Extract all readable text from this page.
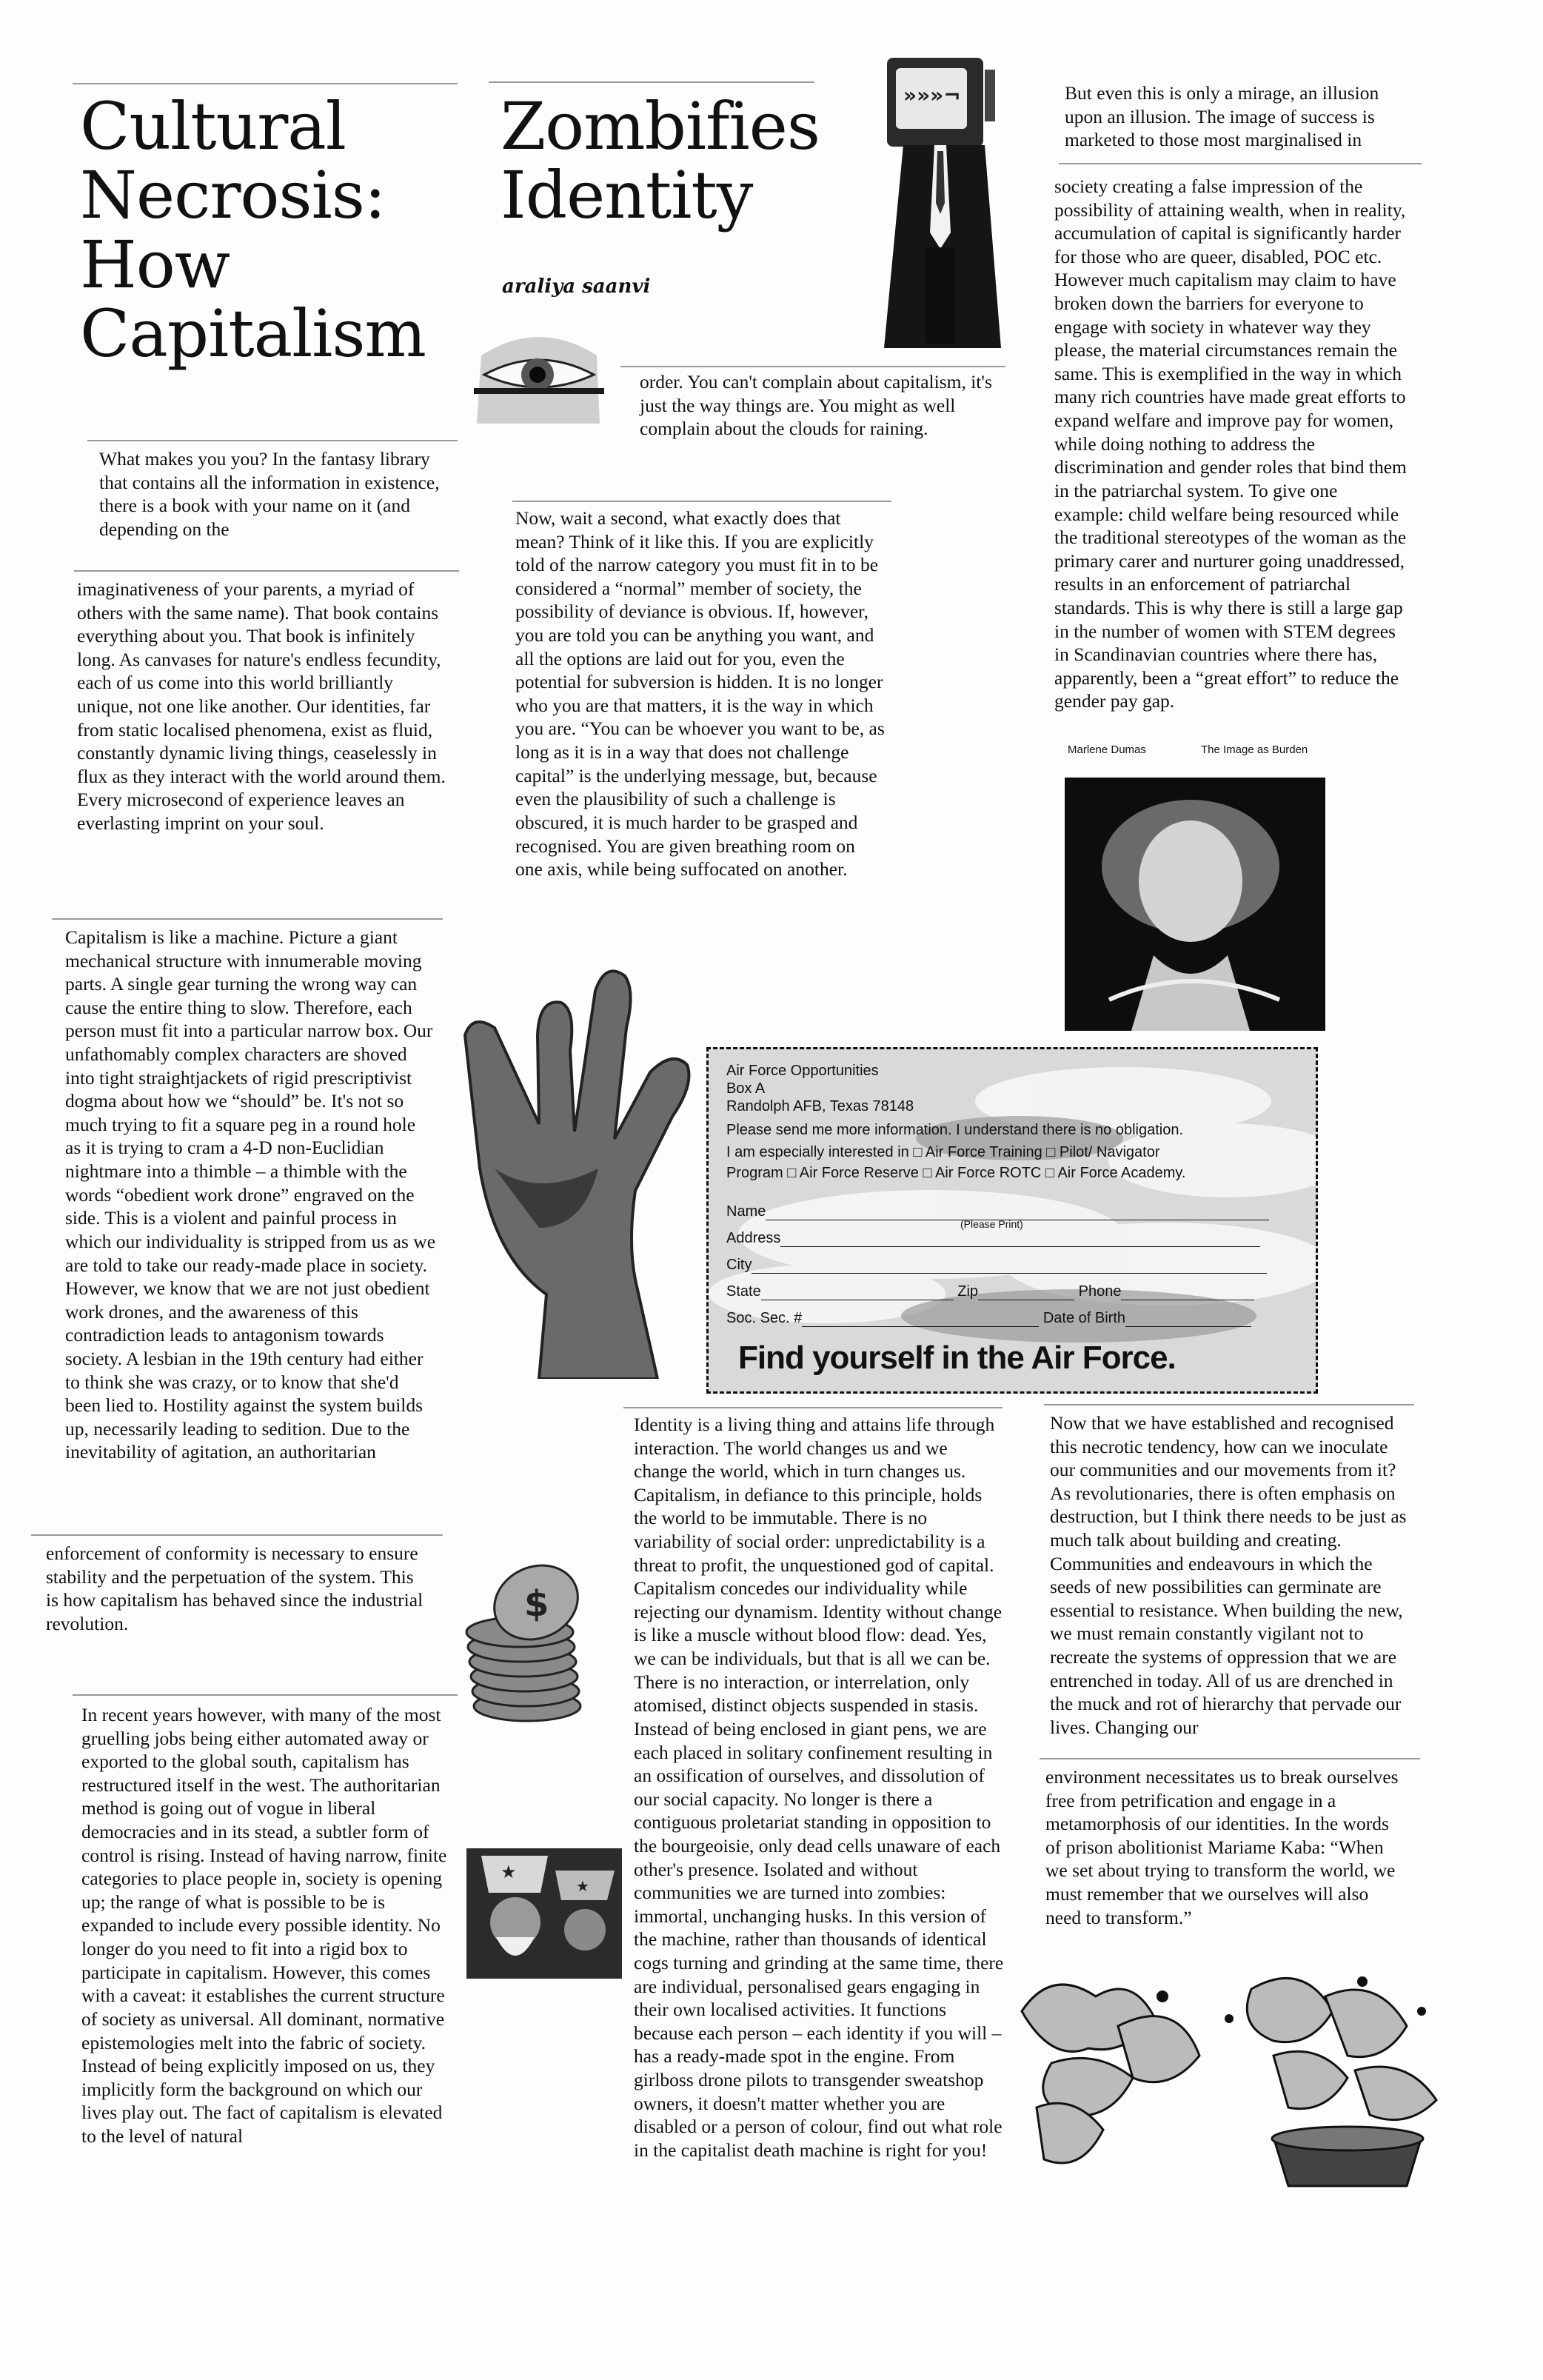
Cultural
Necrosis:
How
Capitalism
Zombifies
Identity
araliya saanvi

What makes you you? In the fantasy library that contains all the information in existence, there is a book with your name on it (and depending on the

imaginativeness of your parents, a myriad of others with the same name). That book contains everything about you. That book is infinitely long. As canvases for nature's endless fecundity, each of us come into this world brilliantly unique, not one like another. Our identities, far from static localised phenomena, exist as fluid, constantly dynamic living things, ceaselessly in flux as they interact with the world around them. Every microsecond of experience leaves an everlasting imprint on your soul.

Capitalism is like a machine. Picture a giant mechanical structure with innumerable moving parts. A single gear turning the wrong way can cause the entire thing to slow. Therefore, each person must fit into a particular narrow box. Our unfathomably complex characters are shoved into tight straightjackets of rigid prescriptivist dogma about how we “should” be. It's not so much trying to fit a square peg in a round hole as it is trying to cram a 4-D non-Euclidian nightmare into a thimble – a thimble with the words “obedient work drone” engraved on the side. This is a violent and painful process in which our individuality is stripped from us as we are told to take our ready-made place in society. However, we know that we are not just obedient work drones, and the awareness of this contradiction leads to antagonism towards society. A lesbian in the 19th century had either to think she was crazy, or to know that she'd been lied to. Hostility against the system builds up, necessarily leading to sedition. Due to the inevitability of agitation, an authoritarian

enforcement of conformity is necessary to ensure stability and the perpetuation of the system. This is how capitalism has behaved since the industrial revolution.

In recent years however, with many of the most gruelling jobs being either automated away or exported to the global south, capitalism has restructured itself in the west. The authoritarian method is going out of vogue in liberal democracies and in its stead, a subtler form of control is rising. Instead of having narrow, finite categories to place people in, society is opening up; the range of what is possible to be is expanded to include every possible identity. No longer do you need to fit into a rigid box to participate in capitalism. However, this comes with a caveat: it establishes the current structure of society as universal. All dominant, normative epistemologies melt into the fabric of society. Instead of being explicitly imposed on us, they implicitly form the background on which our lives play out. The fact of capitalism is elevated to the level of natural

»»»¬

order. You can't complain about capitalism, it's just the way things are. You might as well complain about the clouds for raining.

Now, wait a second, what exactly does that mean? Think of it like this. If you are explicitly told of the narrow category you must fit in to be considered a “normal” member of society, the possibility of deviance is obvious. If, however, you are told you can be anything you want, and all the options are laid out for you, even the potential for subversion is hidden. It is no longer who you are that matters, it is the way in which you are. “You can be whoever you want to be, as long as it is in a way that does not challenge capital” is the underlying message, but, because even the plausibility of such a challenge is obscured, it is much harder to be grasped and recognised. You are given breathing room on one axis, while being suffocated on another.

$
★
★

Identity is a living thing and attains life through interaction. The world changes us and we change the world, which in turn changes us. Capitalism, in defiance to this principle, holds the world to be immutable. There is no variability of social order: unpredictability is a threat to profit, the unquestioned god of capital. Capitalism concedes our individuality while rejecting our dynamism. Identity without change is like a muscle without blood flow: dead. Yes, we can be individuals, but that is all we can be. There is no interaction, or interrelation, only atomised, distinct objects suspended in stasis. Instead of being enclosed in giant pens, we are each placed in solitary confinement resulting in an ossification of ourselves, and dissolution of our social capacity. No longer is there a contiguous proletariat standing in opposition to the bourgeoisie, only dead cells unaware of each other's presence. Isolated and without communities we are turned into zombies: immortal, unchanging husks. In this version of the machine, rather than thousands of identical cogs turning and grinding at the same time, there are individual, personalised gears engaging in their own localised activities. It functions because each person – each identity if you will – has a ready-made spot in the engine. From girlboss drone pilots to transgender sweatshop owners, it doesn't matter whether you are disabled or a person of colour, find out what role in the capitalist death machine is right for you!

But even this is only a mirage, an illusion upon an illusion. The image of success is marketed to those most marginalised in

society creating a false impression of the possibility of attaining wealth, when in reality, accumulation of capital is significantly harder for those who are queer, disabled, POC etc. However much capitalism may claim to have broken down the barriers for everyone to engage with society in whatever way they please, the material circumstances remain the same. This is exemplified in the way in which many rich countries have made great efforts to expand welfare and improve pay for women, while doing nothing to address the discrimination and gender roles that bind them in the patriarchal system. To give one example: child welfare being resourced while the traditional stereotypes of the woman as the primary carer and nurturer going unaddressed, results in an enforcement of patriarchal standards. This is why there is still a large gap in the number of women with STEM degrees in Scandinavian countries where there has, apparently, been a “great effort” to reduce the gender pay gap.

Marlene Dumas	The Image as Burden
Air Force Opportunities
Box A
Randolph AFB, Texas 78148
Please send me more information. I understand there is no obligation.
I am especially interested in □ Air Force Training □ Pilot/ Navigator
Program □ Air Force Reserve □ Air Force ROTC □ Air Force Academy.
Name
(Please Print)
Address
City
State	Zip	Phone
Soc. Sec. #	Date of Birth
Find yourself in the Air Force.

Now that we have established and recognised this necrotic tendency, how can we inoculate our communities and our movements from it? As revolutionaries, there is often emphasis on destruction, but I think there needs to be just as much talk about building and creating. Communities and endeavours in which the seeds of new possibilities can germinate are essential to resistance. When building the new, we must remain constantly vigilant not to recreate the systems of oppression that we are entrenched in today. All of us are drenched in the muck and rot of hierarchy that pervade our lives. Changing our

environment necessitates us to break ourselves free from petrification and engage in a metamorphosis of our identities. In the words of prison abolitionist Mariame Kaba: “When we set about trying to transform the world, we must remember that we ourselves will also need to transform.”
